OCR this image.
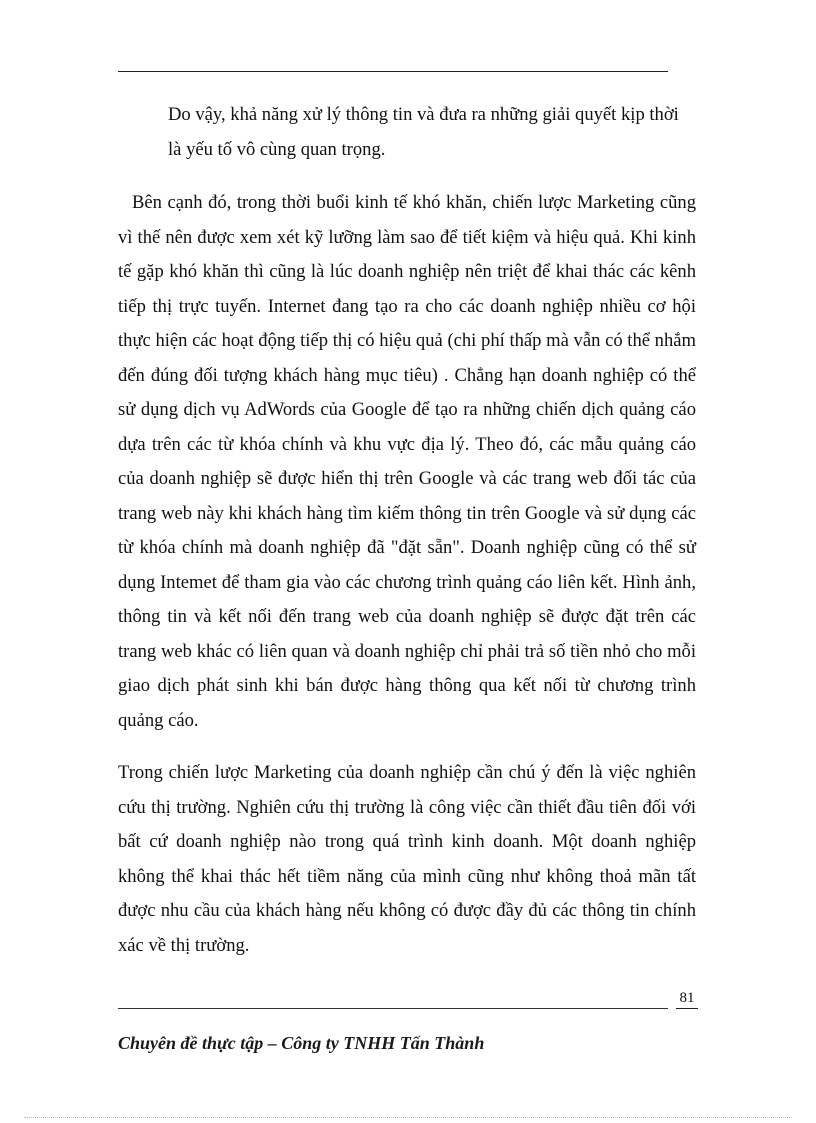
Do vậy, khả năng xử lý thông tin và đưa ra những giải quyết kịp thời
là yếu tố vô cùng quan trọng.

Bên cạnh đó, trong thời buổi kinh tế khó khăn, chiến lược Marketing cũng vì thế nên được xem xét kỹ lưỡng làm sao để tiết kiệm và hiệu quả. Khi kinh tế gặp khó khăn thì cũng là lúc doanh nghiệp nên triệt để khai thác các kênh tiếp thị trực tuyến. Internet đang tạo ra cho các doanh nghiệp nhiều cơ hội thực hiện các hoạt động tiếp thị có hiệu quả (chi phí thấp mà vẫn có thể nhắm đến đúng đối tượng khách hàng mục tiêu) . Chẳng hạn doanh nghiệp có thể sử dụng dịch vụ AdWords của Google để tạo ra những chiến dịch quảng cáo dựa trên các từ khóa chính và khu vực địa lý. Theo đó, các mẫu quảng cáo của doanh nghiệp sẽ được hiển thị trên Google và các trang web đối tác của trang web này khi khách hàng tìm kiếm thông tin trên Google và sử dụng các từ khóa chính mà doanh nghiệp đã "đặt sẵn". Doanh nghiệp cũng có thể sử dụng Intemet để tham gia vào các chương trình quảng cáo liên kết. Hình ảnh, thông tin và kết nối đến trang web của doanh nghiệp sẽ được đặt trên các trang web khác có liên quan và doanh nghiệp chỉ phải trả số tiền nhỏ cho mỗi giao dịch phát sinh khi bán được hàng thông qua kết nối từ chương trình quảng cáo.

Trong chiến lược Marketing của doanh nghiệp cần chú ý đến là việc nghiên cứu thị trường. Nghiên cứu thị trường là công việc cần thiết đầu tiên đối với bất cứ doanh nghiệp nào trong quá trình kinh doanh. Một doanh nghiệp không thể khai thác hết tiềm năng của mình cũng như không thoả mãn tất được nhu cầu của khách hàng nếu không có được đầy đủ các thông tin chính xác về thị trường.

81
Chuyên đề thực tập – Công ty TNHH Tấn Thành
